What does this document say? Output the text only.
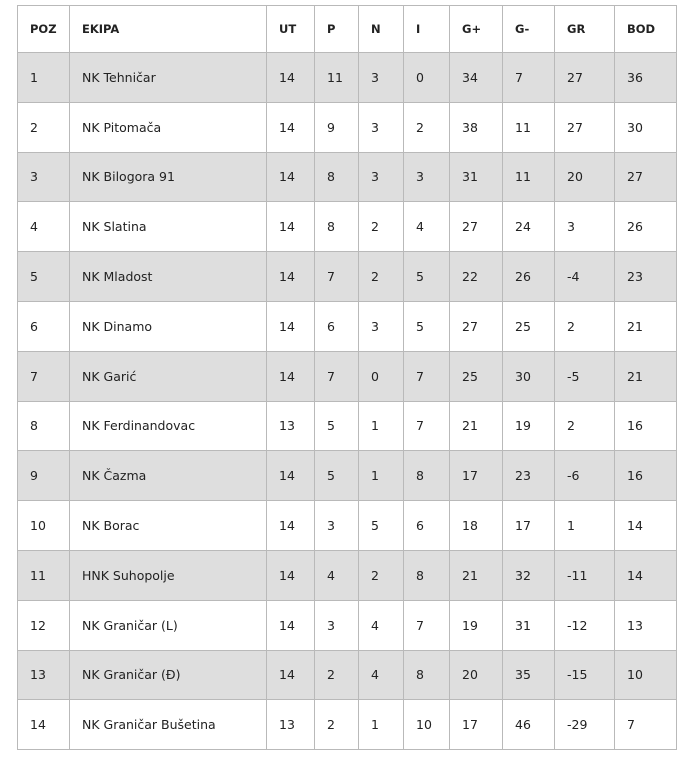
POZ	EKIPA	UT	P	N	I	G+	G-	GR	BOD
1	NK Tehničar	14	11	3	0	34	7	27	36
2	NK Pitomača	14	9	3	2	38	11	27	30
3	NK Bilogora 91	14	8	3	3	31	11	20	27
4	NK Slatina	14	8	2	4	27	24	3	26
5	NK Mladost	14	7	2	5	22	26	-4	23
6	NK Dinamo	14	6	3	5	27	25	2	21
7	NK Garić	14	7	0	7	25	30	-5	21
8	NK Ferdinandovac	13	5	1	7	21	19	2	16
9	NK Čazma	14	5	1	8	17	23	-6	16
10	NK Borac	14	3	5	6	18	17	1	14
11	HNK Suhopolje	14	4	2	8	21	32	-11	14
12	NK Graničar (L)	14	3	4	7	19	31	-12	13
13	NK Graničar (Đ)	14	2	4	8	20	35	-15	10
14	NK Graničar Bušetina	13	2	1	10	17	46	-29	7
